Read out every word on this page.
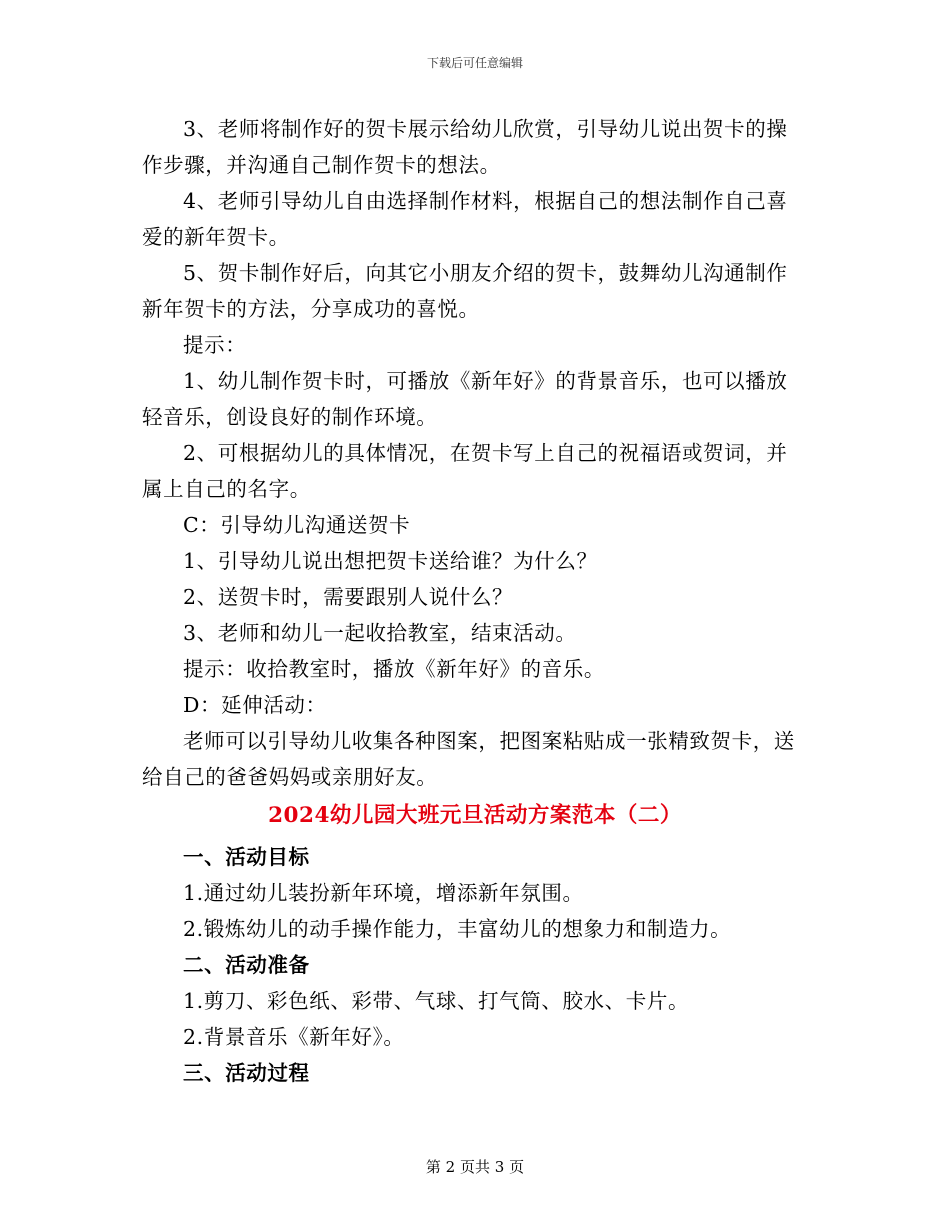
下载后可任意编辑

3、老师将制作好的贺卡展示给幼儿欣赏，引导幼儿说出贺卡的操作步骤，并沟通自己制作贺卡的想法。

4、老师引导幼儿自由选择制作材料，根据自己的想法制作自己喜爱的新年贺卡。

5、贺卡制作好后，向其它小朋友介绍的贺卡，鼓舞幼儿沟通制作新年贺卡的方法，分享成功的喜悦。

提示：

1、幼儿制作贺卡时，可播放《新年好》的背景音乐，也可以播放轻音乐，创设良好的制作环境。

2、可根据幼儿的具体情况，在贺卡写上自己的祝福语或贺词，并属上自己的名字。

C：引导幼儿沟通送贺卡

1、引导幼儿说出想把贺卡送给谁？为什么？

2、送贺卡时，需要跟别人说什么？

3、老师和幼儿一起收拾教室，结束活动。

提示：收拾教室时，播放《新年好》的音乐。

D：延伸活动：

老师可以引导幼儿收集各种图案，把图案粘贴成一张精致贺卡，送给自己的爸爸妈妈或亲朋好友。

2024幼儿园大班元旦活动方案范本（二）

一、活动目标

1.通过幼儿装扮新年环境，增添新年氛围。

2.锻炼幼儿的动手操作能力，丰富幼儿的想象力和制造力。

二、活动准备

1.剪刀、彩色纸、彩带、气球、打气筒、胶水、卡片。

2.背景音乐《新年好》。

三、活动过程

第 2 页共 3 页
